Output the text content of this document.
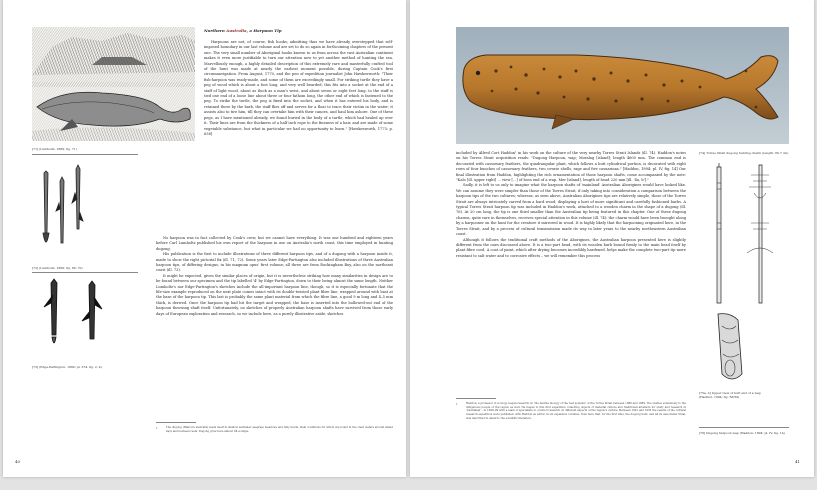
[71] (Lumholtz, 1889: fig. 71)
[72] (Lumholtz, 1889: fig. 68, 70)
[73] (Edge-Partington, 1890: pl. 374, fig. 2, 4)
Northern Australia, a Harpoon Tip

Harpoons are not, of course, fish hooks; admitting thus we have already overstepped that self-imposed boundary in our last volume and are set to do so again in forthcoming chapters of the present one. The very small number of Aboriginal hooks known to us from across the vast Australian continent makes it even more justifiable to turn our attention now to yet another method of hunting the sea. Marvellously enough, a highly detailed description of this extremely rare and masterfully crafted tool of the hunt was made at nearly the earliest moment possible, during Captain Cook's first circumnavigation. From August, 1770, and the pen of expedition journalist John Hawkesworth: "Their fish-harpoon was ready-made, and some of them are exceedingly small. For striking turtle they have a peg of wood which is about a foot long, and very well bearded; this fits into a socket at the end of a staff of light wood, about as thick as a man's wrist, and about seven or eight feet long: to the staff is tied one end of a loose line about three or four fathom long, the other end of which is fastened to the peg. To strike the turtle, the peg is fixed into the socket, and when it has entered his body, and is retained there by the barb, the staff flies off and serves for a float to trace their victim in the water; it assists also to tire him, till they can overtake him with their canoes, and haul him ashore. One of these pegs, as I have mentioned already, we found buried in the body of a turtle, which had healed up over it. Their lines are from the thickness of a half inch rope to the fineness of a hair, and are made of some vegetable substance, but what in particular we had no opportunity to learn." [Hawkesworth, 1773: p. 636]

No harpoon was in fact collected by Cook's crew, but we cannot have everything. It was one hundred and eighteen years before Carl Lumholtz published his own report of the harpoon in use on Australia's north coast, this time employed in hunting dugong.

His publication is the first to include illustrations of three different harpoon tips, and of a dugong with a harpoon inside it, made to show the right pictorial fix (ill. 71, 72). Some years later Edge-Partington also included illustrations of three Australian harpoon tips, of differing designs, in his magnum opus' first volume; all three are from Rockingham Bay, also on the northeast coast (ill. 73).

It might be expected, given the similar places of origin, but it is nevertheless striking how many similarities in design are to be found between our specimen and the tip labelled '4' by Edge-Partington, down to their being almost the same length. Neither Lumholtz's nor Edge-Partington's sketches include the all-important harpoon line, though, so it is especially fortunate that the life-size example reproduced on the next plate comes intact with its double-twisted plant fibre line, wrapped around with bast at the base of the harpoon tip. This last is probably the same plant material from which the fibre line, a good 9 m long and 4–5 mm thick, is derived. Once the harpoon tip had hit the target and wrapped, the base is inserted into the hollowed-out end of the harpoon throwing shaft itself. Unfortunately, no sketches of properly Australian harpoon shafts have survived from those early days of European exploration and research, so we include here, as a purely illustrative aside, sketches

1	The dugong (Halicore australis) feeds itself in shallow saltwater seagrass meadows and fully herds, ideal conditions for which are found in the clear waters around island bays and between reefs. Dugong grow here almost till a single
40

included by Alfred Cort Haddon¹ in his work on the culture of the very nearby Torres Strait Islands (ill. 74). Haddon's notes on his Torres Strait acquisition reads: "Dugong Harpoon, wap; Moralag [island]; length 4600 mm. The common end is decorated with cassowary feathers, the quadrangular plant, which follows a butt cylindrical portion, is decorated with eight rows of four bunches of cassowary feathers, two cowrie shells, rage and five casuarinas." [Haddon, 1894: pl. IV, fig. 14] Our final illustration from Haddon, highlighting the rich ornamentation of those harpoon shafts, come accompanied by the note: "Kalo [ill. upper right] ... view [...] of boss end of a wap. Mer [island], length of head 220 mm [ill. '4a, b']."

Sadly, it is left to us only to imagine what the harpoon shafts of 'mainland' Australian Aborigines would have looked like. We can assume they were simpler than those of the Torres Strait, if only taking into consideration a comparison between the harpoon tips of the two cultures; whereas, as seen above, Australian Aborigines tips are relatively simple, those of the Torres Strait are always intricately carved from a hard wood, displaying a host of more significant and carefully fashioned barbs. A typical Torres Strait harpoon tip was included in Haddon's work, attached to a wooden charm in the shape of a dugong (ill. 76). At 20 cm long, the tip is one third smaller than the Australian tip being featured in this chapter. One of these dugong charms, quite rare in themselves, receives special attention in this volume (ill. 74): the charm would have been brought along by a harpooner on the hunt for the creature it mirrored in wood. It is highly likely that the harpooning originated here, in the Torres Strait, and by a process of cultural transmission made its way in later years to the nearby northeastern Australian coast.

Although it follows the traditional craft methods of the Aborigines, the Australian harpoon presented here is slightly different from the ones discussed above. It is a two-part head, with its wooden barb bound firmly to the main head itself by plant fibre cord. A coat of paint, which after drying becomes incredibly hardened, helps make the complete two-part tip more resistant to salt water and to corrosive effects – we will remember this process

[74] Torres Strait dugong hunting charm (length: 66.7 cm)
[75a, b] Upper view of butt end of a wap (Haddon, 1894: fig. 58/59)
[76] Dugong harpoon wap (Haddon, 1894: pl. IV, fig. 14)
1	Haddon, a professor of zoology, began research on 'the marine biology of the reef systems' of the Torres Strait between 1888 and 1889. The studies extensively to the indigenous people of the region as well. He began to this first expedition collecting objects of material culture and traditional artefacts for study and research in 'Australian' - in 1898–99 with a team of specialists to conduct research on different aspects of the region's culture. Between 1901 and 1935 the results of the cultural research expedition were published, with Haddon as editor, in six expansive volumes; from here that, for the first time, the dugong hunt, and all its associated ritual, was described in detail to the scientific literature.
41
